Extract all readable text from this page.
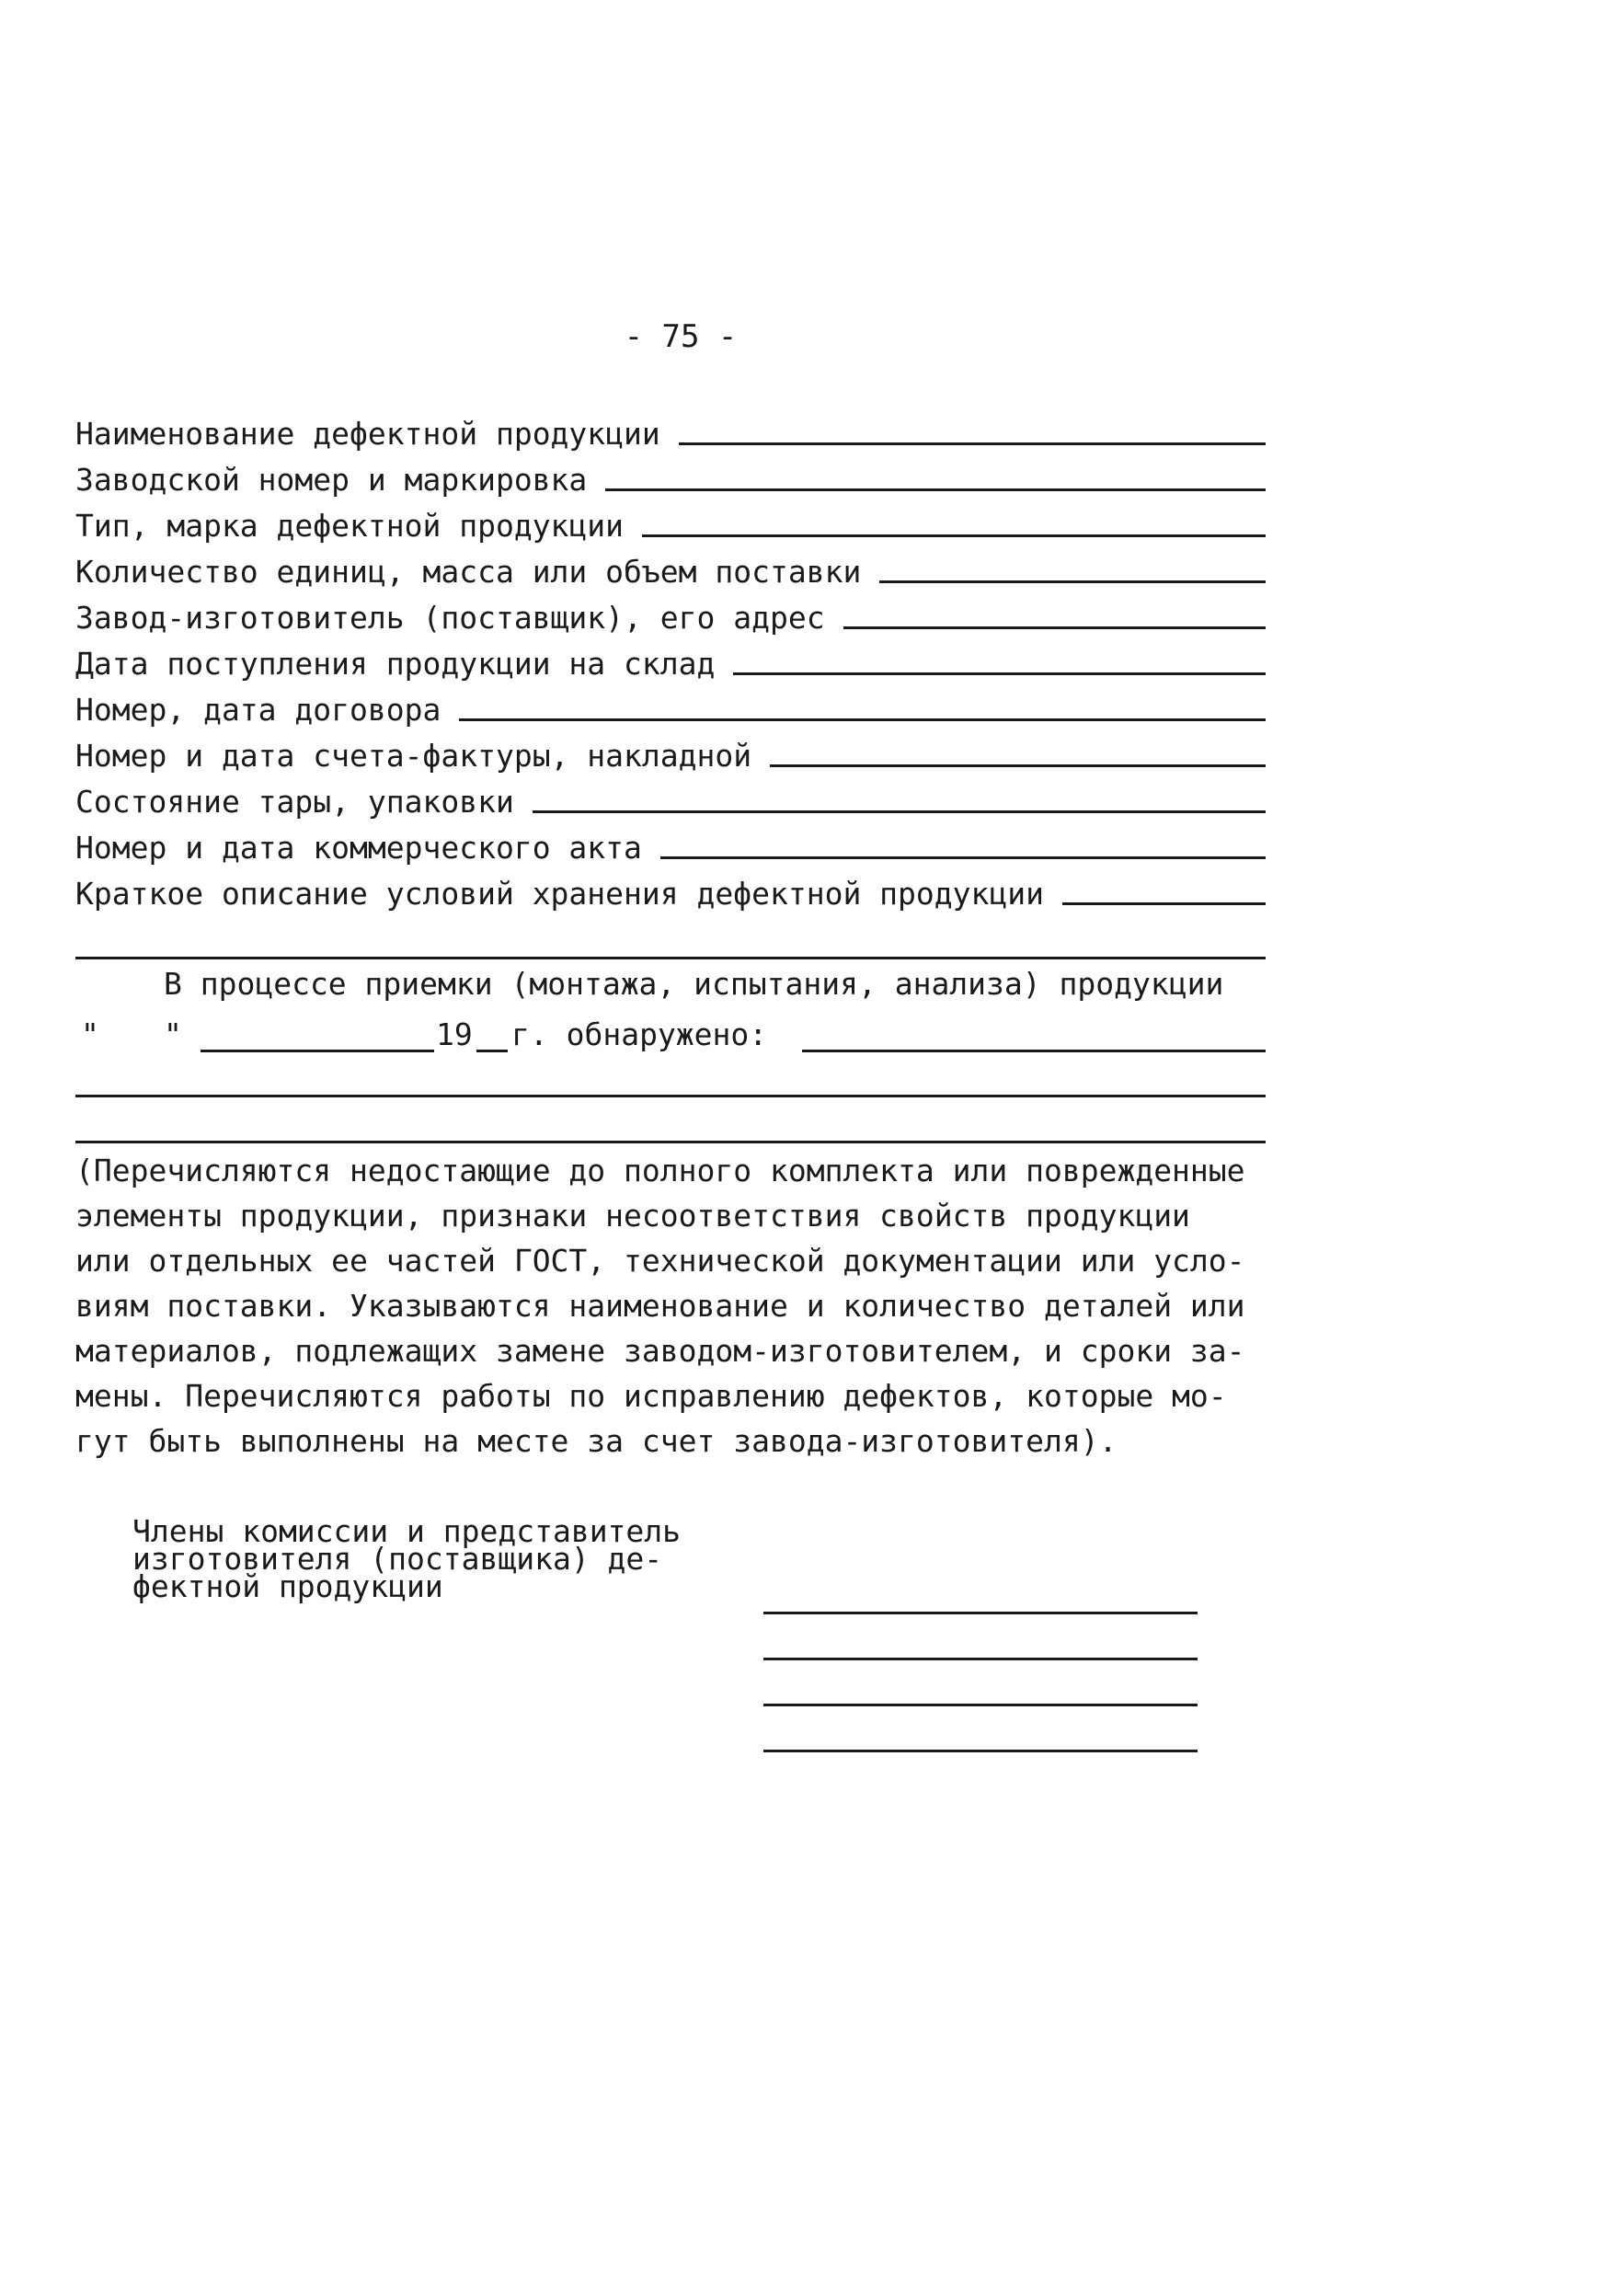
- 75 -
Наименование дефектной продукции
Заводской номер и маркировка
Тип, марка дефектной продукции
Количество единиц, масса или объем поставки
Завод-изготовитель (поставщик), его адрес
Дата поступления продукции на склад
Номер, дата договора
Номер и дата счета-фактуры, накладной
Состояние тары, упаковки
Номер и дата коммерческого акта
Краткое описание условий хранения дефектной продукции
В процессе приемки (монтажа, испытания, анализа) продукции
" "	19 г. обнаружено:

(Перечисляются недостающие до полного комплекта или поврежденные

элементы продукции, признаки несоответствия свойств продукции

или отдельных ее частей ГОСТ, технической документации или усло-

виям поставки. Указываются наименование и количество деталей или

материалов, подлежащих замене заводом-изготовителем, и сроки за-

мены. Перечисляются работы по исправлению дефектов, которые мо-

гут быть выполнены на месте за счет завода-изготовителя).

Члены комиссии и представитель

изготовителя (поставщика) де-

фектной продукции
